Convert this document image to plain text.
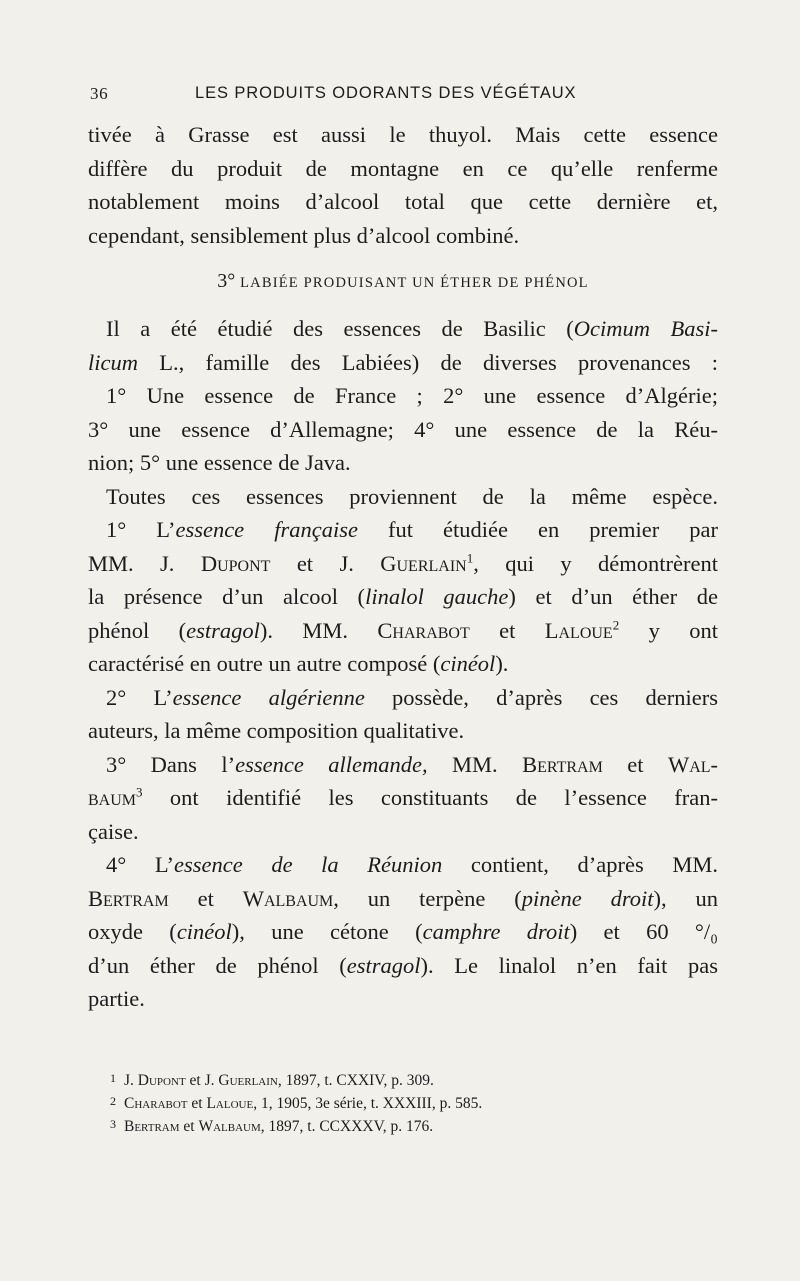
36	LES PRODUITS ODORANTS DES VÉGÉTAUX
tivée à Grasse est aussi le thuyol. Mais cette essence
diffère du produit de montagne en ce qu’elle renferme
notablement moins d’alcool total que cette dernière et,
cependant, sensiblement plus d’alcool combiné.
3° LABIÉE PRODUISANT UN ÉTHER DE PHÉNOL
Il a été étudié des essences de Basilic (Ocimum Basi-
licum L., famille des Labiées) de diverses provenances :
1° Une essence de France ; 2° une essence d’Algérie;
3° une essence d’Allemagne; 4° une essence de la Réu-
nion; 5° une essence de Java.
Toutes ces essences proviennent de la même espèce.
1° L’essence française fut étudiée en premier par
MM. J. Dupont et J. Guerlain$^1$, qui y démontrèrent
la présence d’un alcool (linalol gauche) et d’un éther de
phénol (estragol). MM. Charabot et Laloue$^2$ y ont
caractérisé en outre un autre composé (cinéol).
2° L’essence algérienne possède, d’après ces derniers
auteurs, la même composition qualitative.
3° Dans l’essence allemande, MM. Bertram et Wal-
baum$^3$ ont identifié les constituants de l’essence fran-
çaise.
4° L’essence de la Réunion contient, d’après MM.
Bertram et Walbaum, un terpène (pinène droit), un
oxyde (cinéol), une cétone (camphre droit) et 60 °/₀
d’un éther de phénol (estragol). Le linalol n’en fait pas
partie.
1 J. Dupont et J. Guerlain, 1897, t. CXXIV, p. 309.
2 Charabot et Laloue, 1, 1905, 3e série, t. XXXIII, p. 585.
3 Bertram et Walbaum, 1897, t. CCXXXV, p. 176.
